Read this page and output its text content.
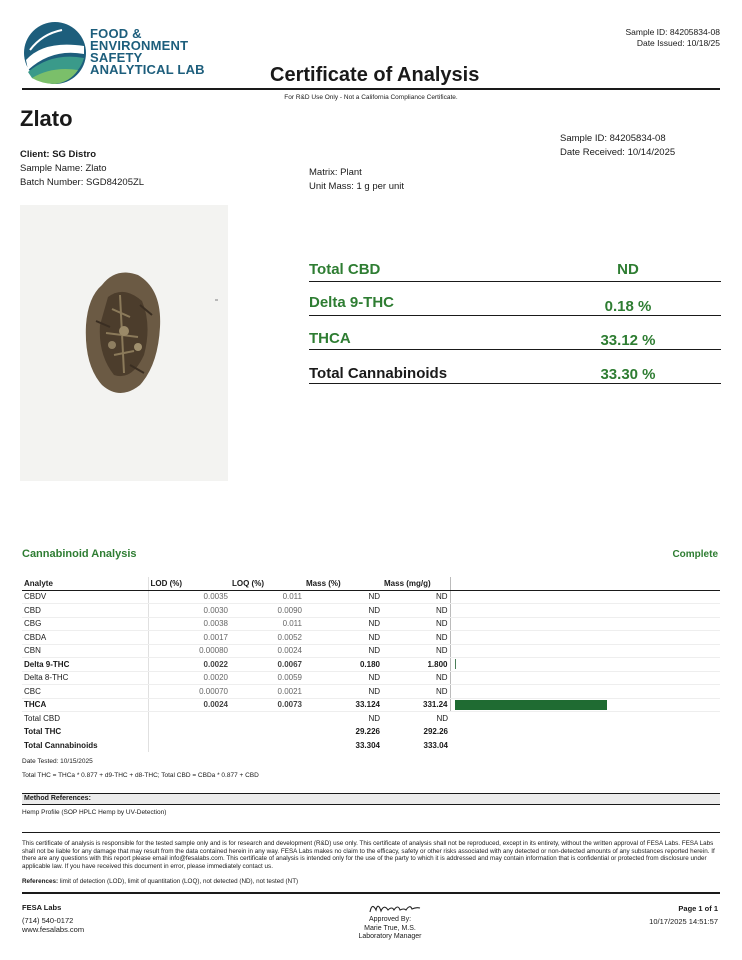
FOOD &
ENVIRONMENT
SAFETY
ANALYTICAL LAB
Sample ID: 84205834-08
Date Issued: 10/18/25
Certificate of Analysis
For R&D Use Only - Not a California Compliance Certificate.
Zlato
Client: SG Distro
Sample Name: Zlato
Batch Number: SGD84205ZL
Matrix: Plant
Unit Mass: 1 g per unit
Sample ID: 84205834-08
Date Received: 10/14/2025
Total CBD	ND
Delta 9-THC	0.18 %
THCA	33.12 %
Total Cannabinoids	33.30 %
Cannabinoid Analysis	Complete
Analyte	LOD (%)	LOQ (%)	Mass (%)	Mass (mg/g)	
CBDV	0.0035	0.011	ND	ND	
CBD	0.0030	0.0090	ND	ND	
CBG	0.0038	0.011	ND	ND	
CBDA	0.0017	0.0052	ND	ND	
CBN	0.00080	0.0024	ND	ND	
Delta 9-THC	0.0022	0.0067	0.180	1.800	

Delta 8-THC	0.0020	0.0059	ND	ND	
CBC	0.00070	0.0021	ND	ND	
THCA	0.0024	0.0073	33.124	331.24	

Total CBD			ND	ND	
Total THC			29.226	292.26	
Total Cannabinoids			33.304	333.04	
Date Tested: 10/15/2025
Total THC = THCa * 0.877 + d9-THC + d8-THC; Total CBD = CBDa * 0.877 + CBD
Method References:
Hemp Profile (SOP HPLC Hemp by UV-Detection)
This certificate of analysis is responsible for the tested sample only and is for research and development (R&D) use only. This certificate of analysis shall not be reproduced, except in its entirety, without the written approval of FESA Labs. FESA Labs shall not be liable for any damage that may result from the data contained herein in any way. FESA Labs makes no claim to the efficacy, safety or other risks associated with any detected or non-detected amounts of any substances reported herein. If there are any questions with this report please email info@fesalabs.com. This certificate of analysis is intended only for the use of the party to which it is addressed and may contain information that is confidential or protected from disclosure under applicable law. If you have received this document in error, please immediately contact us.
References: limit of detection (LOD), limit of quantitation (LOQ), not detected (ND), not tested (NT)
FESA Labs
(714) 540-0172
www.fesalabs.com
Approved By:
Marie True, M.S.
Laboratory Manager
Page 1 of 1
10/17/2025 14:51:57
